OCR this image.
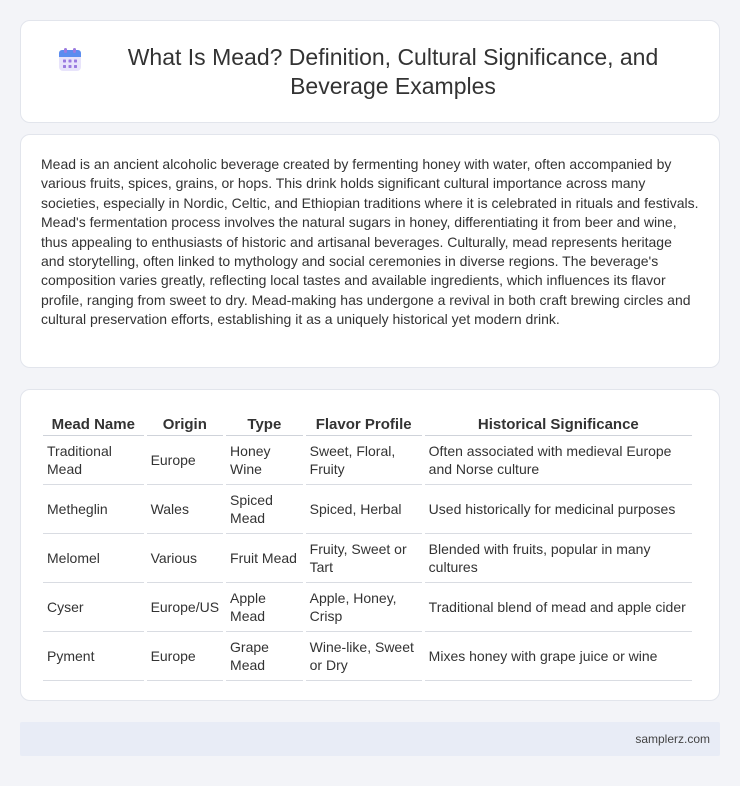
What Is Mead? Definition, Cultural Significance, and Beverage Examples

Mead is an ancient alcoholic beverage created by fermenting honey with water, often accompanied by various fruits, spices, grains, or hops. This drink holds significant cultural importance across many societies, especially in Nordic, Celtic, and Ethiopian traditions where it is celebrated in rituals and festivals. Mead's fermentation process involves the natural sugars in honey, differentiating it from beer and wine, thus appealing to enthusiasts of historic and artisanal beverages. Culturally, mead represents heritage and storytelling, often linked to mythology and social ceremonies in diverse regions. The beverage's composition varies greatly, reflecting local tastes and available ingredients, which influences its flavor profile, ranging from sweet to dry. Mead-making has undergone a revival in both craft brewing circles and cultural preservation efforts, establishing it as a uniquely historical yet modern drink.

Mead Name	Origin	Type	Flavor Profile	Historical Significance
Traditional Mead	Europe	Honey Wine	Sweet, Floral, Fruity	Often associated with medieval Europe and Norse culture
Metheglin	Wales	Spiced Mead	Spiced, Herbal	Used historically for medicinal purposes
Melomel	Various	Fruit Mead	Fruity, Sweet or Tart	Blended with fruits, popular in many cultures
Cyser	Europe/US	Apple Mead	Apple, Honey, Crisp	Traditional blend of mead and apple cider
Pyment	Europe	Grape Mead	Wine-like, Sweet or Dry	Mixes honey with grape juice or wine
samplerz.com
